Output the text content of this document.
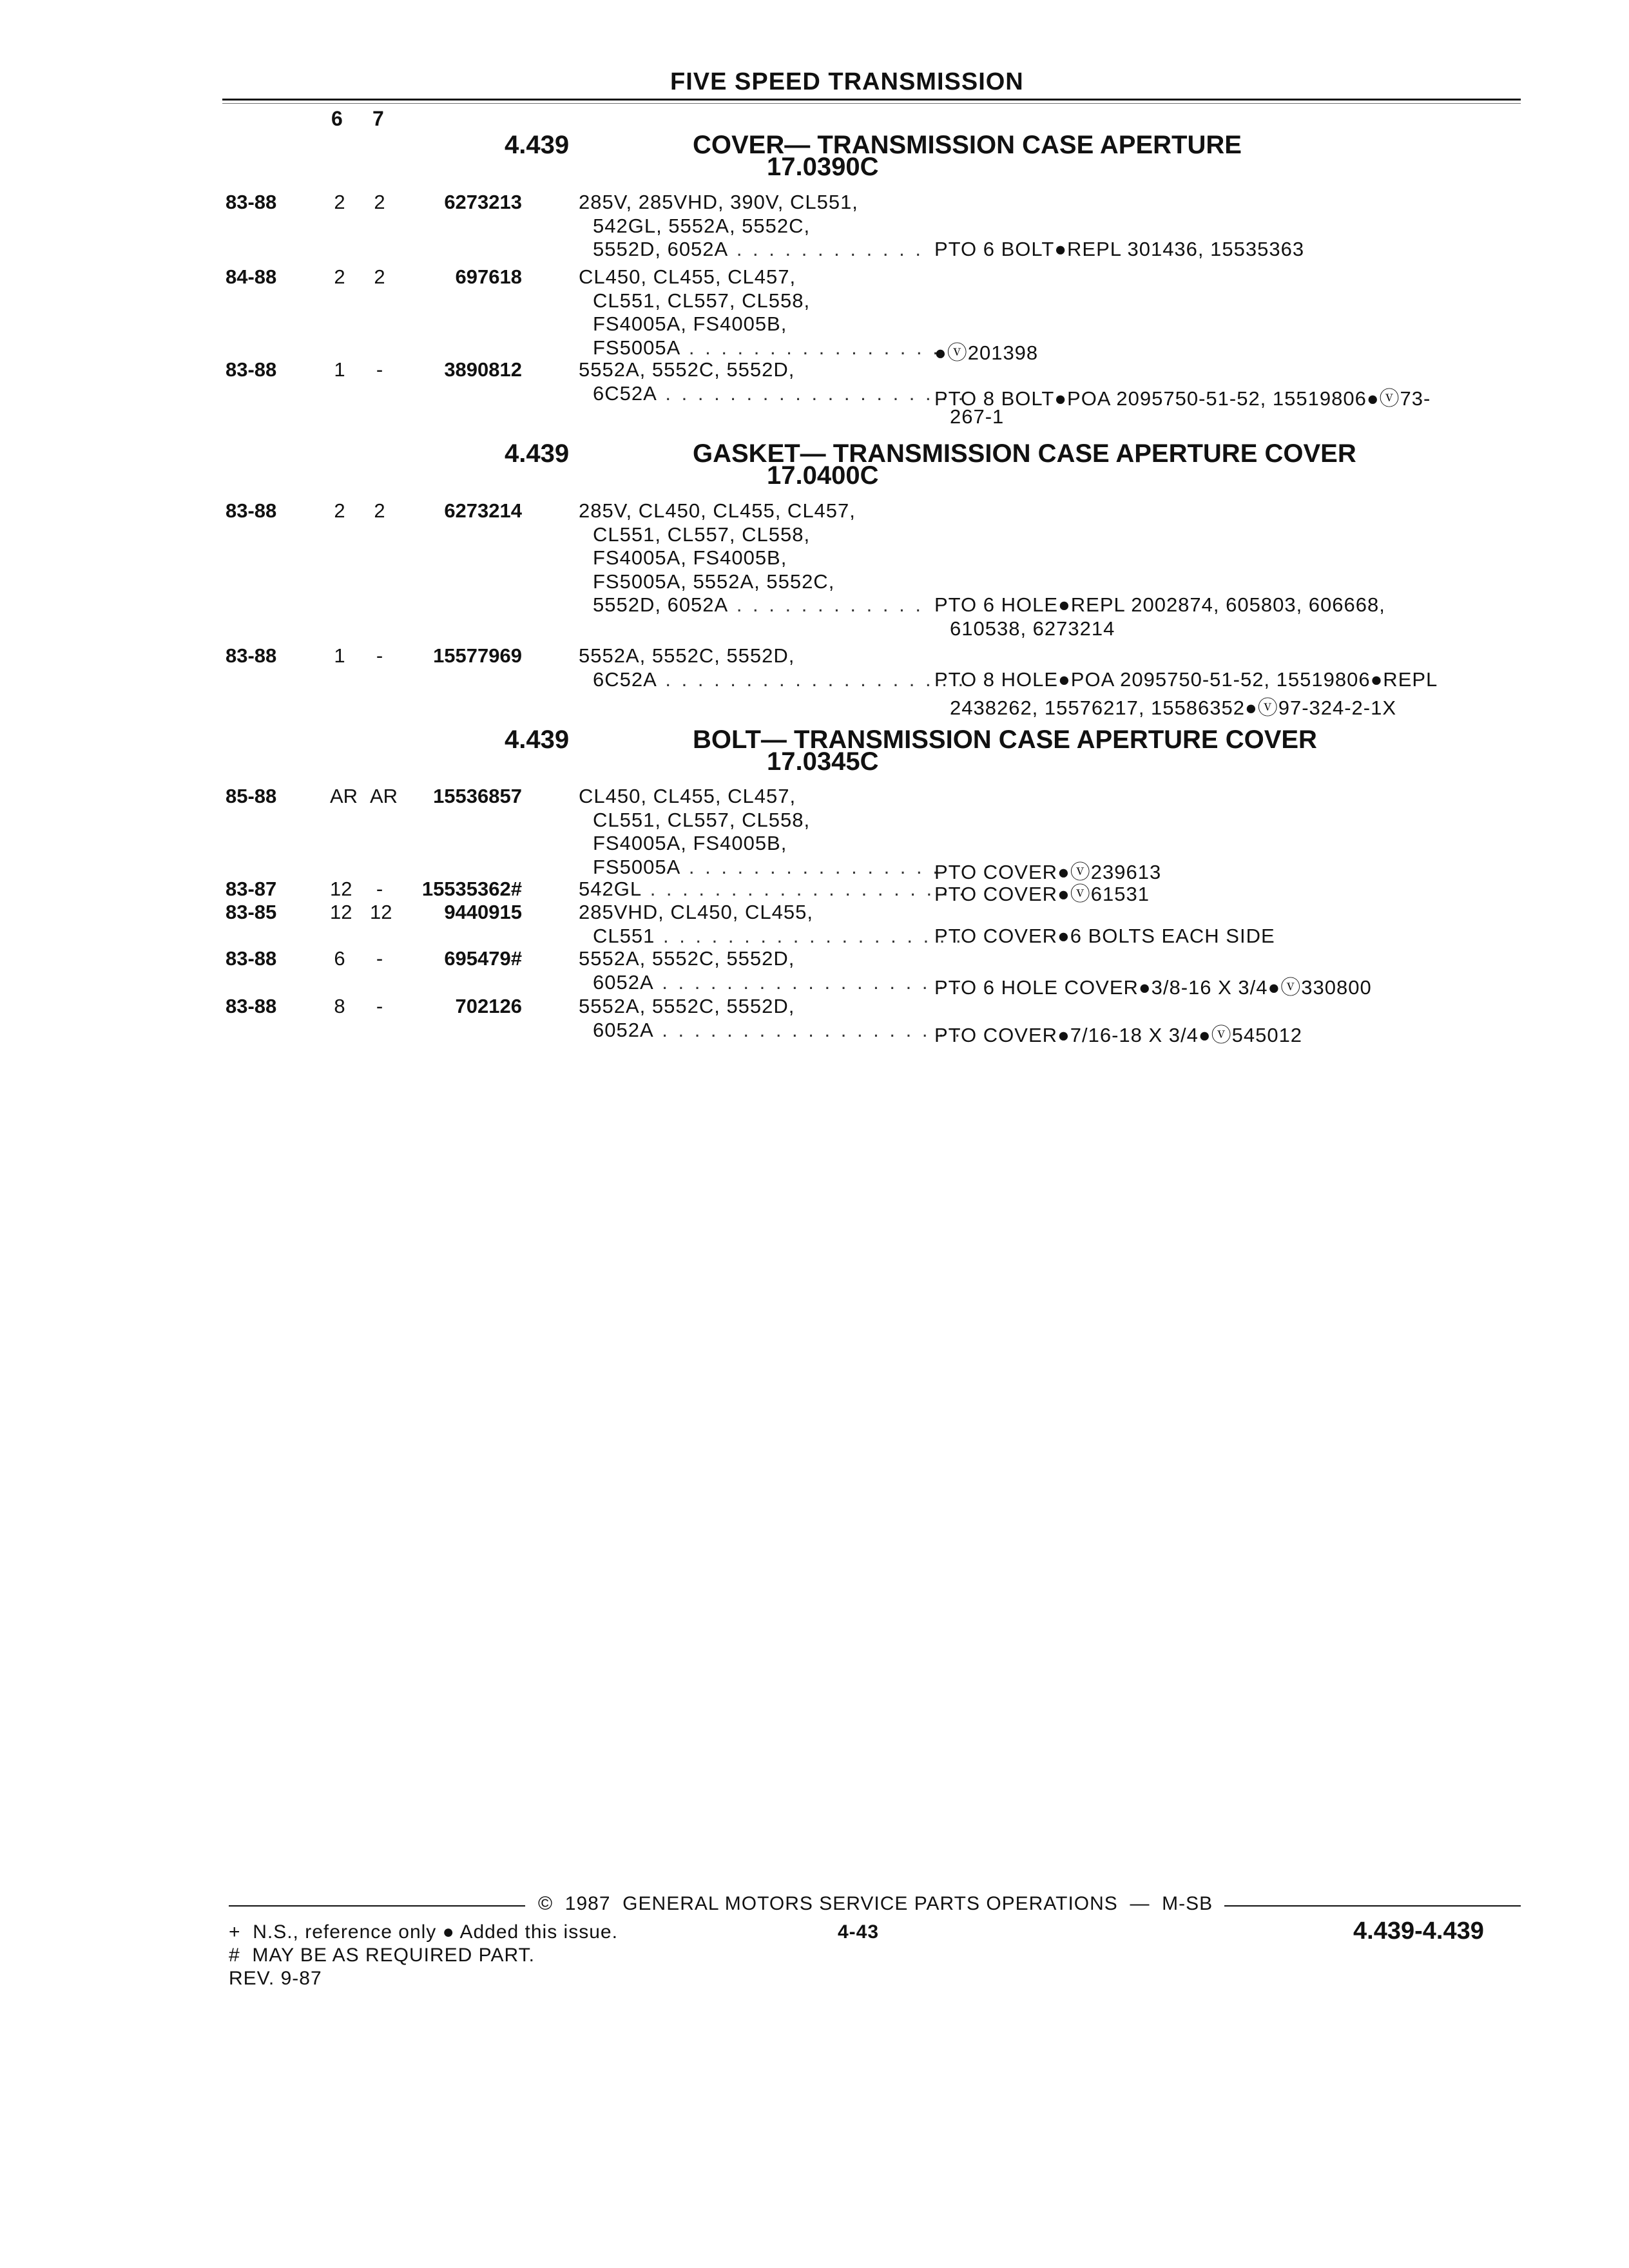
FIVE SPEED TRANSMISSION
6 7
4.439	COVER— TRANSMISSION CASE APERTURE
17.0390C
83-88	2 2	6273213	285V, 285VHD, 390V, CL551,
542GL, 5552A, 5552C,
5552D, 6052A . . . . . . . . . . . . PTO 6 BOLT●REPL 301436, 15535363
84-88	2 2	697618	CL450, CL455, CL457,
CL551, CL557, CL558,
FS4005A, FS4005B,
FS5005A . . . . . . . . . . . . . . . .
●ⓥ201398
83-88	1	-	3890812	5552A, 5552C, 5552D,
6C52A . . . . . . . . . . . . . . . . . . .
PTO 8 BOLT●POA 2095750-51-52, 15519806●ⓥ73-
267-1
4.439	GASKET— TRANSMISSION CASE APERTURE COVER
17.0400C
83-88	2 2	6273214	285V, CL450, CL455, CL457,
CL551, CL557, CL558,
FS4005A, FS4005B,
FS5005A, 5552A, 5552C,
5552D, 6052A . . . . . . . . . . . . PTO 6 HOLE●REPL 2002874, 605803, 606668,
610538, 6273214
83-88	1	-	15577969	5552A, 5552C, 5552D,
6C52A . . . . . . . . . . . . . . . . . . .
PTO 8 HOLE●POA 2095750-51-52, 15519806●REPL
2438262, 15576217, 15586352●ⓥ97-324-2-1X
4.439	BOLT— TRANSMISSION CASE APERTURE COVER
17.0345C
85-88	AR AR	15536857	CL450, CL455, CL457,
CL551, CL557, CL558,
FS4005A, FS4005B,
FS5005A . . . . . . . . . . . . . . . .
PTO COVER●ⓥ239613
83-87	12	-	15535362#	542GL . . . . . . . . . . . . . . . . . . . .
PTO COVER●ⓥ61531
83-85	12 12	9440915	285VHD, CL450, CL455,
CL551 . . . . . . . . . . . . . . . . . . .
PTO COVER●6 BOLTS EACH SIDE
83-88	6	-	695479#	5552A, 5552C, 5552D,
6052A . . . . . . . . . . . . . . . . . . .
PTO 6 HOLE COVER●3/8-16 X 3/4●ⓥ330800
83-88	8	-	702126	5552A, 5552C, 5552D,
6052A . . . . . . . . . . . . . . . . . . .
PTO COVER●7/16-18 X 3/4●ⓥ545012
©  1987  GENERAL MOTORS SERVICE PARTS OPERATIONS  —  M-SB
+  N.S., reference only ● Added this issue.	4-43	4.439-4.439
#  MAY BE AS REQUIRED PART.
REV. 9-87
